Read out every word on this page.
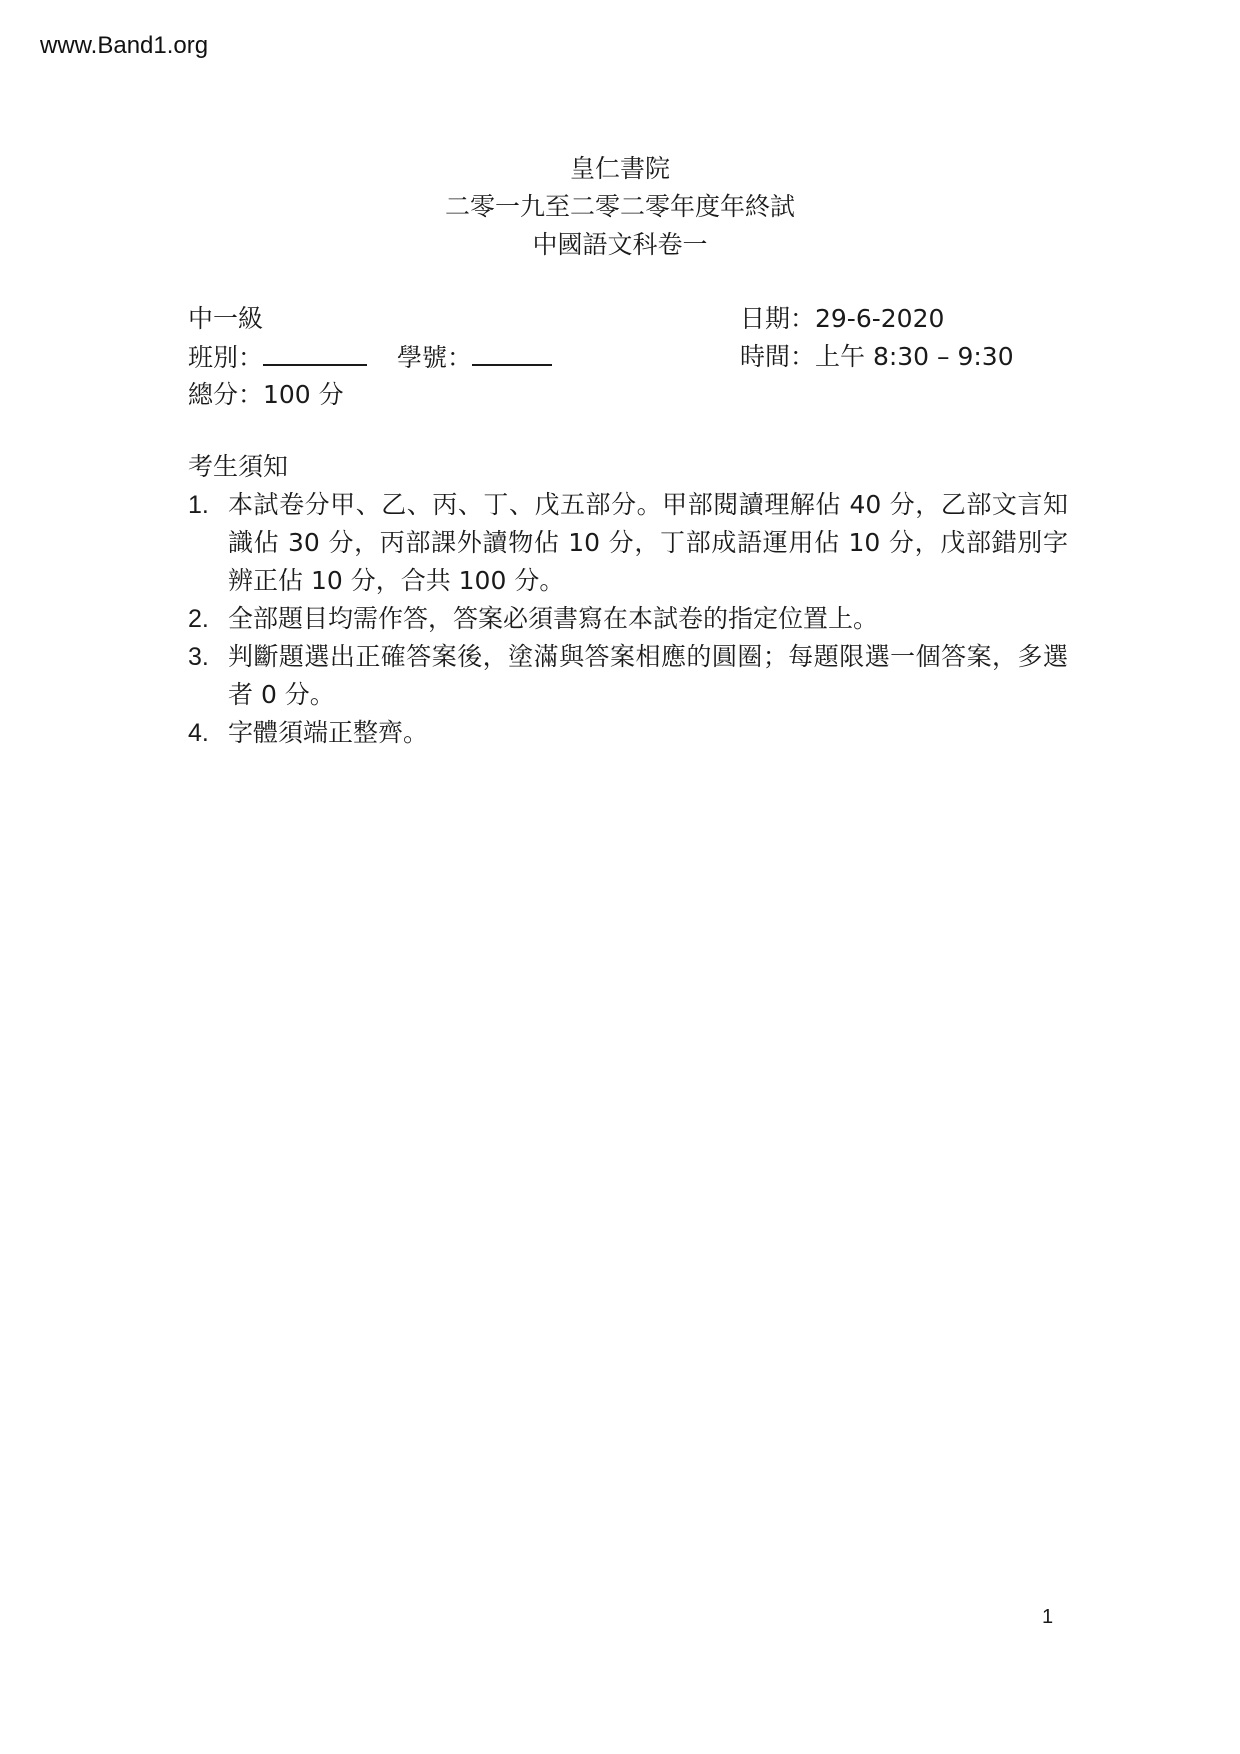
www.Band1.org
皇仁書院
二零一九至二零二零年度年終試
中國語文科卷一
中一級	日期：29-6-2020
班別：	學號：	時間：上午 8:30 – 9:30
總分：100 分
考生須知
1. 本試卷分甲、乙、丙、丁、戊五部分。甲部閱讀理解佔 40 分，乙部文言知識佔 30 分，丙部課外讀物佔 10 分，丁部成語運用佔 10 分，戊部錯別字辨正佔 10 分，合共 100 分。
2. 全部題目均需作答，答案必須書寫在本試卷的指定位置上。
3. 判斷題選出正確答案後，塗滿與答案相應的圓圈；每題限選一個答案，多選者 0 分。
4. 字體須端正整齊。
1
